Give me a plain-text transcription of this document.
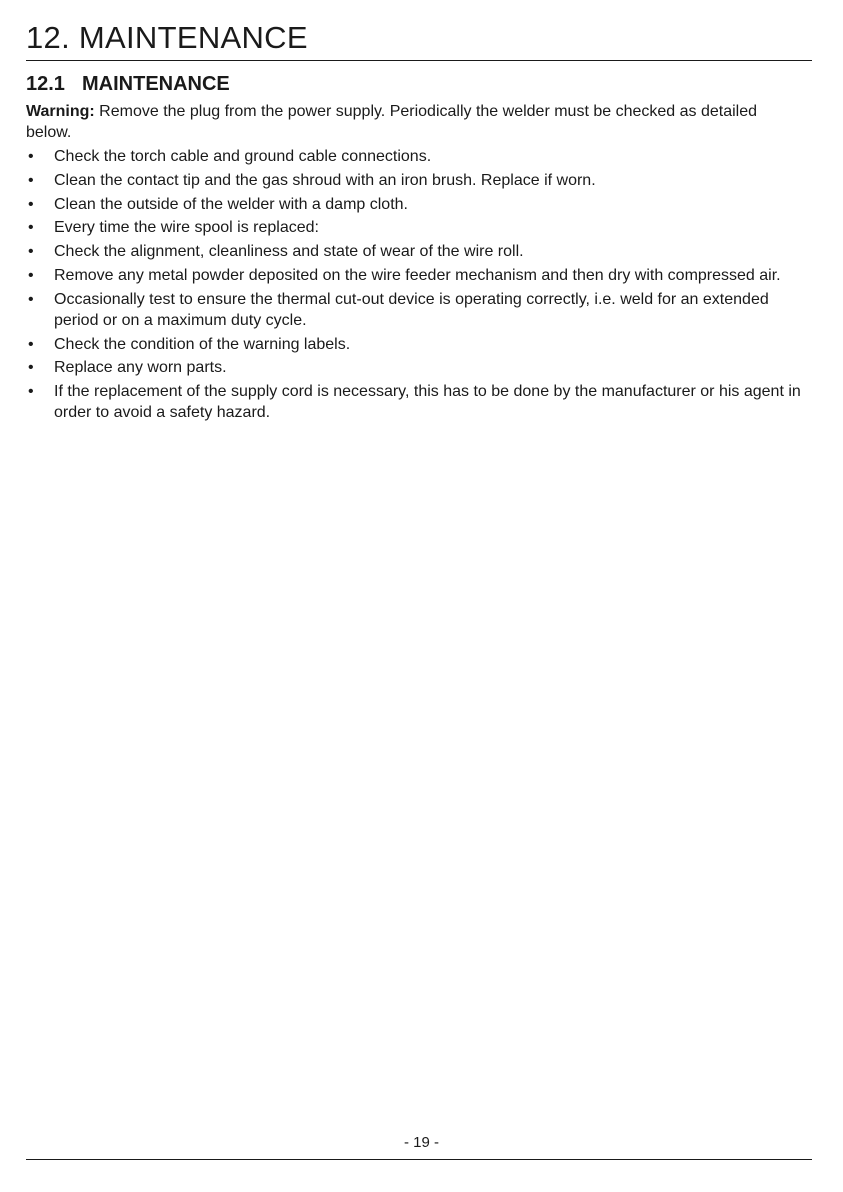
12. MAINTENANCE
12.1 MAINTENANCE

Warning: Remove the plug from the power supply. Periodically the welder must be checked as detailed below.

• Check the torch cable and ground cable connections.
• Clean the contact tip and the gas shroud with an iron brush. Replace if worn.
• Clean the outside of the welder with a damp cloth.
• Every time the wire spool is replaced:
• Check the alignment, cleanliness and state of wear of the wire roll.
• Remove any metal powder deposited on the wire feeder mechanism and then dry with compressed air.
• Occasionally test to ensure the thermal cut-out device is operating correctly, i.e. weld for an extended period or on a maximum duty cycle.
• Check the condition of the warning labels.
• Replace any worn parts.
• If the replacement of the supply cord is necessary, this has to be done by the manufacturer or his agent in order to avoid a safety hazard.
- 19 -
